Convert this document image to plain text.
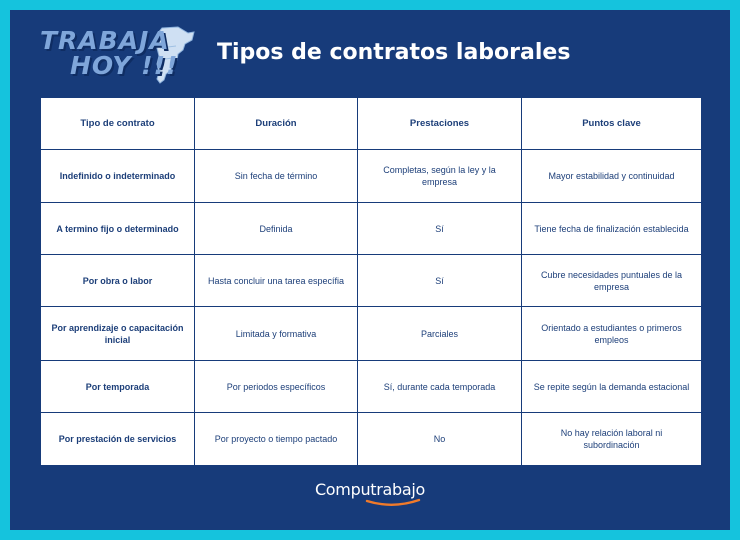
TRABAJA
HOY !!! Tipos de contratos laborales
Tipo de contrato	Duración	Prestaciones	Puntos clave
Indefinido o indeterminado	Sin fecha de término	Completas, según la ley y la empresa	Mayor estabilidad y continuidad
A termino fijo o determinado	Definida	Sí	Tiene fecha de finalización establecida
Por obra o labor	Hasta concluir una tarea específia	Sí	Cubre necesidades puntuales de la empresa
Por aprendizaje o capacitación inicial	Limitada y formativa	Parciales	Orientado a estudiantes o primeros empleos
Por temporada	Por periodos específicos	Sí, durante cada temporada	Se repite según la demanda estacional
Por prestación de servicios	Por proyecto o tiempo pactado	No	No hay relación laboral ni subordinación
Computrabajo
